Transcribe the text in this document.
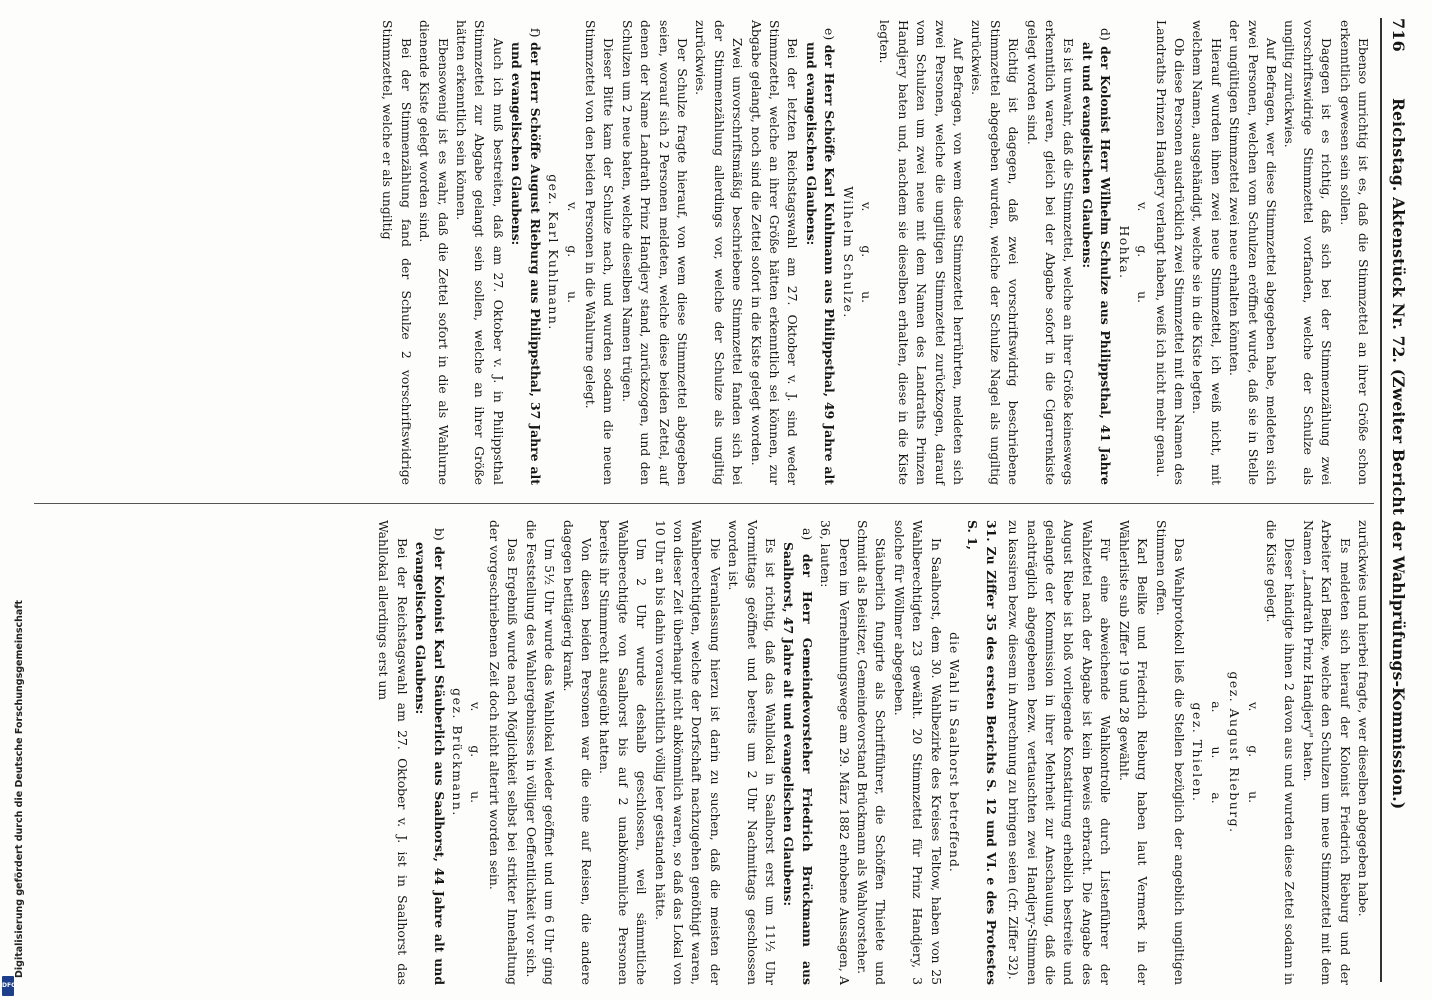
Digitalisierung gefördert durch die Deutsche Forschungsgemeinschaft
DFG
716
Reichstag. Aktenstück Nr. 72. (Zweiter Bericht der Wahlprüfungs-Kommission.)

Ebenso unrichtig ist es, daß die Stimmzettel an ihrer Größe schon erkenntlich gewesen sein sollen.

Dagegen ist es richtig, daß sich bei der Stimmenzählung zwei vorschriftswidrige Stimmzettel vorfanden, welche der Schulze als ungiltig zurückwies.

Auf Befragen, wer diese Stimmzettel abgegeben habe, meldeten sich zwei Personen, welchen vom Schulzen eröffnet wurde, daß sie in Stelle der ungültigen Stimmzettel zwei neue erhalten könnten.

Hierauf wurden ihnen zwei neue Stimmzettel, ich weiß nicht, mit welchem Namen, ausgehändigt, welche sie in die Kiste legten.

Ob diese Personen ausdrücklich zwei Stimmzettel mit dem Namen des Landraths Prinzen Handjery verlangt haben, weiß ich nicht mehr genau.

v. g. u.

Hohka.

d) der Kolonist Herr Wilhelm Schulze aus Philippsthal, 41 Jahre alt und evangelischen Glaubens:

Es ist unwahr, daß die Stimmzettel, welche an ihrer Größe keineswegs erkenntlich waren, gleich bei der Abgabe sofort in die Cigarrenkiste gelegt worden sind.

Richtig ist dagegen, daß zwei vorschriftswidrig beschriebene Stimmzettel abgegeben wurden, welche der Schulze Nagel als ungiltig zurückwies.

Auf Befragen, von wem diese Stimmzettel herrührten, meldeten sich zwei Personen, welche die ungiltigen Stimmzettel zurückzogen, darauf vom Schulzen um zwei neue mit dem Namen des Landraths Prinzen Handjery baten und, nachdem sie dieselben erhalten, diese in die Kiste legten.

v. g. u.

Wilhelm Schulze.

e) der Herr Schöffe Karl Kuhlmann aus Philippsthal, 49 Jahre alt und evangelischen Glaubens:

Bei der letzten Reichstagswahl am 27. Oktober v. J. sind weder Stimmzettel, welche an ihrer Größe hätten erkenntlich sei können, zur Abgabe gelangt, noch sind die Zettel sofort in die Kiste gelegt worden.

Zwei unvorschriftsmäßig beschriebene Stimmzettel fanden sich bei der Stimmenzählung allerdings vor, welche der Schulze als ungiltig zurückwies.

Der Schulze fragte hierauf, von wem diese Stimmzettel abgegeben seien, worauf sich 2 Personen meldeten, welche diese beiden Zettel, auf denen der Name Landrath Prinz Handjery stand, zurückzogen, und den Schulzen um 2 neue baten, welche dieselben Namen trügen.

Dieser Bitte kam der Schulze nach, und wurden sodann die neuen Stimmzettel von den beiden Personen in die Wahlurne gelegt.

v. g. u.

gez. Karl Kuhlmann.

f) der Herr Schöffe August Rieburg aus Philippsthal, 37 Jahre alt und evangelischen Glaubens:

Auch ich muß bestreiten, daß am 27. Oktober v. J. in Philippsthal Stimmzettel zur Abgabe gelangt sein sollen, welche an ihrer Größe hätten erkenntlich sein können.

Ebensowenig ist es wahr, daß die Zettel sofort in die als Wahlurne dienende Kiste gelegt worden sind.

Bei der Stimmenzählung fand der Schulze 2 vorschriftswidrige Stimmzettel, welche er als ungiltig

zurückwies und hierbei fragte, wer dieselben abgegeben habe.

Es meldeten sich hierauf der Kolonist Friedrich Rieburg und der Arbeiter Karl Beilke, welche den Schulzen um neue Stimmzettel mit dem Namen „Landrath Prinz Handjery" baten.

Dieser händigte ihnen 2 davon aus und wurden diese Zettel sodann in die Kiste gelegt.

v. g. u.

gez. August Rieburg.

a. u. a.

gez. Thielen.

Das Wahlprotokoll ließ die Stellen bezüglich der angeblich ungiltigen Stimmen offen.

Karl Beilke und Friedrich Rieburg haben laut Vermerk in der Wählerliste sub Ziffer 19 und 28 gewählt.

Für eine abweichende Wahlkontrolle durch Listenführer der Wahlzettel nach der Abgabe ist kein Beweis erbracht. Die Angabe des August Riebe ist bloß vorliegende Konstatirung erheblich bestreite und gelangte der Kommission in ihrer Mehrheit zur Anschauung, daß die nachträglich abgegebenen bezw. vertauschten zwei Handjery-Stimmen zu kassiren bezw. diesem in Anrechnung zu bringen seien (cfr. Ziffer 32).

31. Zu Ziffer 35 des ersten Berichts S. 12 und VI. e des Protestes S. 1,

die Wahl in Saalhorst betreffend.

In Saalhorst, dem 30. Wahlbezirke des Kreises Teltow, haben von 25 Wahlberechtigten 23 gewählt. 20 Stimmzettel für Prinz Handjery, 3 solche für Wöllmer abgegeben.

Stäuberlich fungirte als Schriftführer, die Schöffen Thielete und Schmidt als Beisitzer, Gemeindevorstand Brückmann als Wahlvorsteher.

Deren im Vernehmungswege am 29. März 1882 erhobene Aussagen, A 36, lauten:

a) der Herr Gemeindevorsteher Friedrich Brückmann aus Saalhorst, 47 Jahre alt und evangelischen Glaubens:

Es ist richtig, daß das Wahllokal in Saalhorst erst um 11½ Uhr Vormittags geöffnet und bereits um 2 Uhr Nachmittags geschlossen worden ist.

Die Veranlassung hierzu ist darin zu suchen, daß die meisten der Wahlberechtigten, welche der Dorfschaft nachzugehen genöthigt waren, von dieser Zeit überhaupt nicht abkömmlich waren, so daß das Lokal von 10 Uhr an bis dahin voraussichtlich völlig leer gestanden hätte.

Um 2 Uhr wurde deshalb geschlossen, weil sämmtliche Wahlberechtigte von Saalhorst bis auf 2 unabkömmliche Personen bereits ihr Stimmrecht ausgeübt hatten.

Von diesen beiden Personen war die eine auf Reisen, die andere dagegen bettlägerig krank.

Um 5½ Uhr wurde das Wahllokal wieder geöffnet und um 6 Uhr ging die Feststellung des Wahlergebnisses in völliger Oeffentlichkeit vor sich.

Das Ergebniß wurde nach Möglichkeit selbst bei strikter Innehaltung der vorgeschriebenen Zeit doch nicht alterirt worden sein.

v. g. u.

gez. Brückmann.

b) der Kolonist Karl Stäuberlich aus Saalhorst, 44 Jahre alt und evangelischen Glaubens:

Bei der Reichstagswahl am 27. Oktober v. J. ist in Saalhorst das Wahllokal allerdings erst um
